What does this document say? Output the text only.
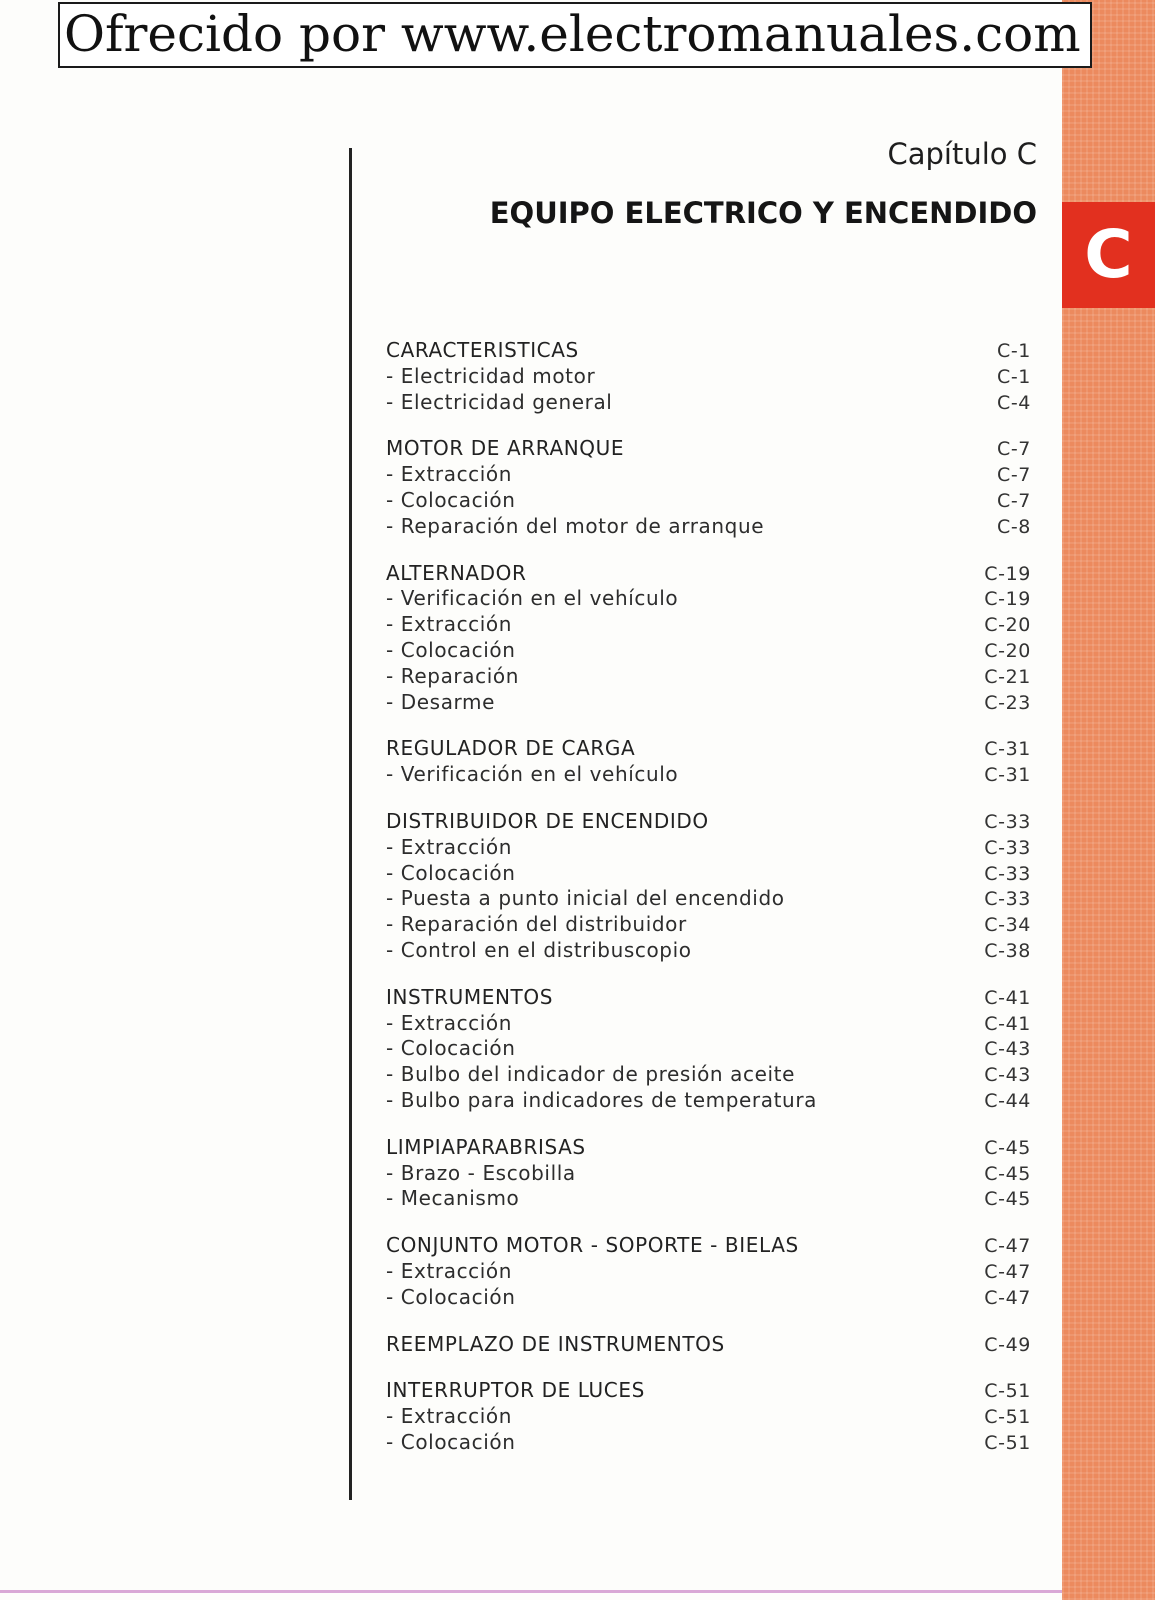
C
Ofrecido por www.electromanuales.com
Capítulo C
EQUIPO ELECTRICO Y ENCENDIDO
CARACTERISTICAS	C-1
- Electricidad motor	C-1
- Electricidad general	C-4
MOTOR DE ARRANQUE	C-7
- Extracción	C-7
- Colocación	C-7
- Reparación del motor de arranque	C-8
ALTERNADOR	C-19
- Verificación en el vehículo	C-19
- Extracción	C-20
- Colocación	C-20
- Reparación	C-21
- Desarme	C-23
REGULADOR DE CARGA	C-31
- Verificación en el vehículo	C-31
DISTRIBUIDOR DE ENCENDIDO	C-33
- Extracción	C-33
- Colocación	C-33
- Puesta a punto inicial del encendido	C-33
- Reparación del distribuidor	C-34
- Control en el distribuscopio	C-38
INSTRUMENTOS	C-41
- Extracción	C-41
- Colocación	C-43
- Bulbo del indicador de presión aceite	C-43
- Bulbo para indicadores de temperatura	C-44
LIMPIAPARABRISAS	C-45
- Brazo - Escobilla	C-45
- Mecanismo	C-45
CONJUNTO MOTOR - SOPORTE - BIELAS	C-47
- Extracción	C-47
- Colocación	C-47
REEMPLAZO DE INSTRUMENTOS	C-49
INTERRUPTOR DE LUCES	C-51
- Extracción	C-51
- Colocación	C-51
